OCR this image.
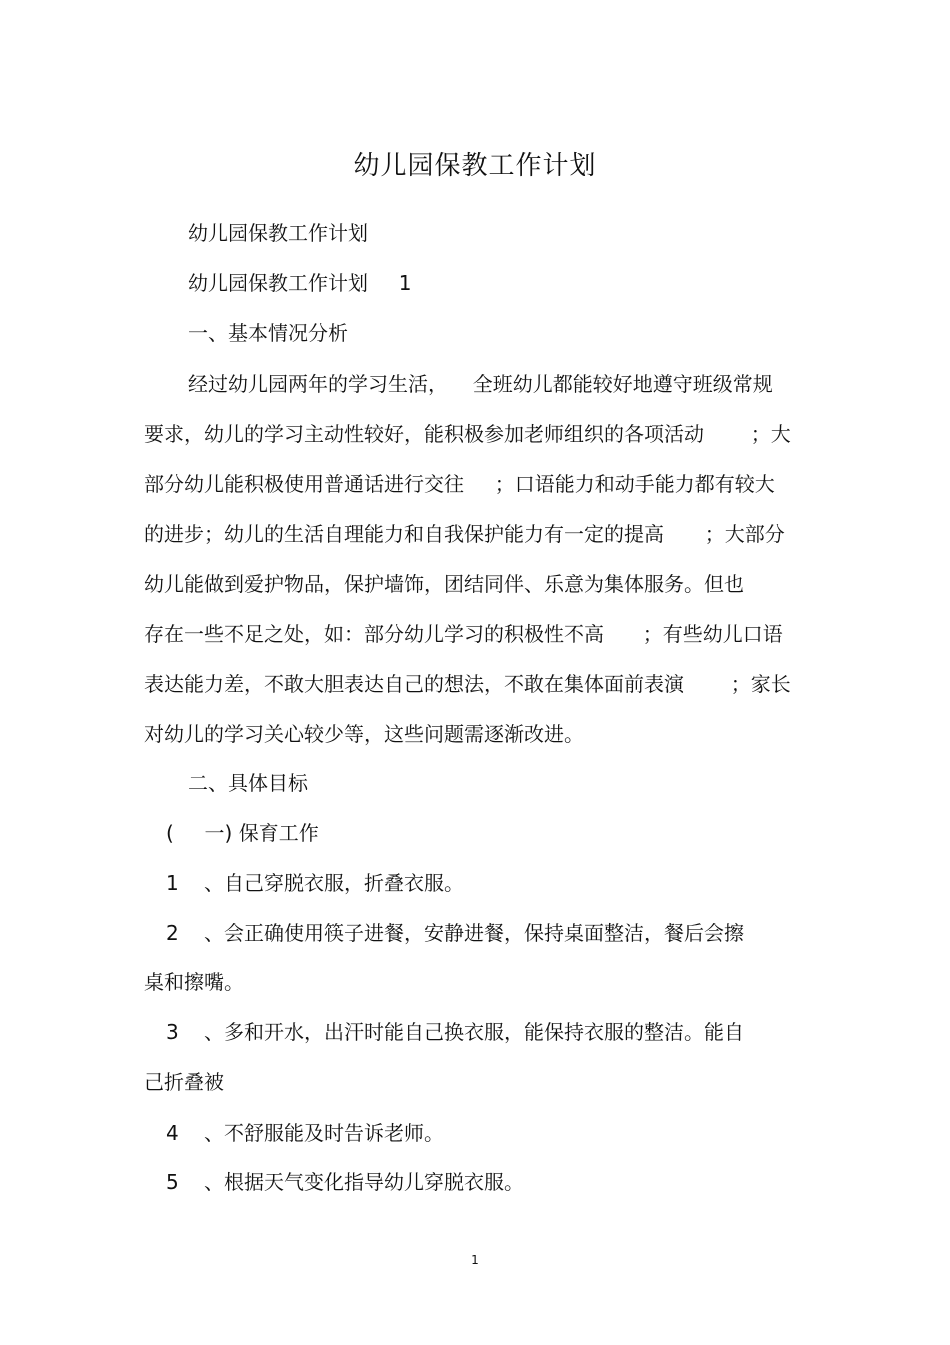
幼儿园保教工作计划
幼儿园保教工作计划
幼儿园保教工作计划 1
一、基本情况分析
经过幼儿园两年的学习生活， 全班幼儿都能较好地遵守班级常规
要求，幼儿的学习主动性较好，能积极参加老师组织的各项活动 ；大
部分幼儿能积极使用普通话进行交往 ；口语能力和动手能力都有较大
的进步；幼儿的生活自理能力和自我保护能力有一定的提高 ；大部分
幼儿能做到爱护物品，保护墙饰，团结同伴、乐意为集体服务。但也
存在一些不足之处，如：部分幼儿学习的积极性不高 ；有些幼儿口语
表达能力差，不敢大胆表达自己的想法，不敢在集体面前表演 ；家长
对幼儿的学习关心较少等，这些问题需逐渐改进。
二、具体目标
( 一) 保育工作
1 、自己穿脱衣服，折叠衣服。
2 、会正确使用筷子进餐，安静进餐，保持桌面整洁，餐后会擦
桌和擦嘴。
3 、多和开水，出汗时能自己换衣服，能保持衣服的整洁。能自
己折叠被
4 、不舒服能及时告诉老师。
5 、根据天气变化指导幼儿穿脱衣服。
1
